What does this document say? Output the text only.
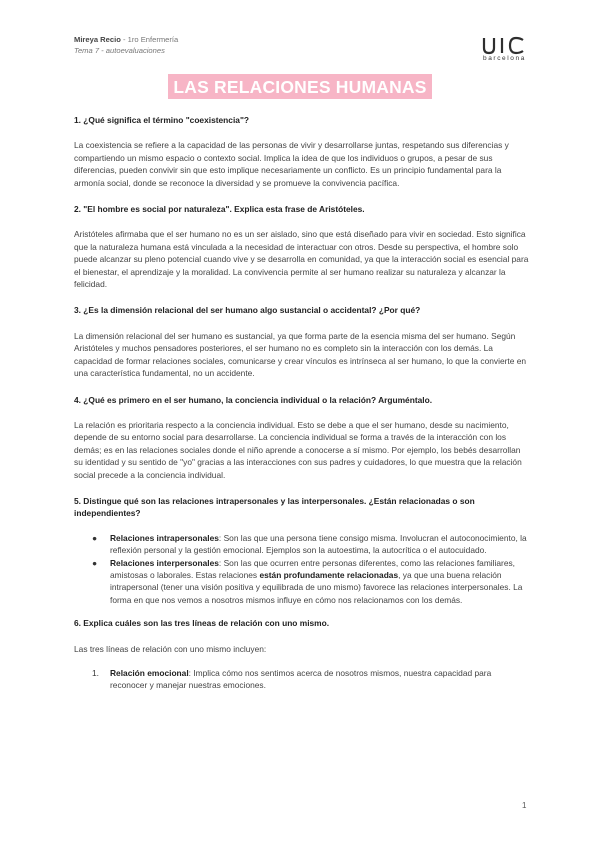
Mireya Recio - 1ro Enfermería
Tema 7 - autoevaluaciones
barcelona
LAS RELACIONES HUMANAS
1. ¿Qué significa el término "coexistencia"?
La coexistencia se refiere a la capacidad de las personas de vivir y desarrollarse juntas, respetando sus diferencias y compartiendo un mismo espacio o contexto social. Implica la idea de que los individuos o grupos, a pesar de sus diferencias, pueden convivir sin que esto implique necesariamente un conflicto. Es un principio fundamental para la armonía social, donde se reconoce la diversidad y se promueve la convivencia pacífica.
2. "El hombre es social por naturaleza". Explica esta frase de Aristóteles.
Aristóteles afirmaba que el ser humano no es un ser aislado, sino que está diseñado para vivir en sociedad. Esto significa que la naturaleza humana está vinculada a la necesidad de interactuar con otros. Desde su perspectiva, el hombre solo puede alcanzar su pleno potencial cuando vive y se desarrolla en comunidad, ya que la interacción social es esencial para el bienestar, el aprendizaje y la moralidad. La convivencia permite al ser humano realizar su naturaleza y alcanzar la felicidad.
3. ¿Es la dimensión relacional del ser humano algo sustancial o accidental? ¿Por qué?
La dimensión relacional del ser humano es sustancial, ya que forma parte de la esencia misma del ser humano. Según Aristóteles y muchos pensadores posteriores, el ser humano no es completo sin la interacción con los demás. La capacidad de formar relaciones sociales, comunicarse y crear vínculos es intrínseca al ser humano, lo que la convierte en una característica fundamental, no un accidente.
4. ¿Qué es primero en el ser humano, la conciencia individual o la relación? Arguméntalo.
La relación es prioritaria respecto a la conciencia individual. Esto se debe a que el ser humano, desde su nacimiento, depende de su entorno social para desarrollarse. La conciencia individual se forma a través de la interacción con los demás; es en las relaciones sociales donde el niño aprende a conocerse a sí mismo. Por ejemplo, los bebés desarrollan su identidad y su sentido de "yo" gracias a las interacciones con sus padres y cuidadores, lo que muestra que la relación social precede a la conciencia individual.
5. Distingue qué son las relaciones intrapersonales y las interpersonales. ¿Están relacionadas o son independientes?
● Relaciones intrapersonales: Son las que una persona tiene consigo misma. Involucran el autoconocimiento, la reflexión personal y la gestión emocional. Ejemplos son la autoestima, la autocrítica o el autocuidado.
● Relaciones interpersonales: Son las que ocurren entre personas diferentes, como las relaciones familiares, amistosas o laborales. Estas relaciones están profundamente relacionadas, ya que una buena relación intrapersonal (tener una visión positiva y equilibrada de uno mismo) favorece las relaciones interpersonales. La forma en que nos vemos a nosotros mismos influye en cómo nos relacionamos con los demás.
6. Explica cuáles son las tres líneas de relación con uno mismo.
Las tres líneas de relación con uno mismo incluyen:
1. Relación emocional: Implica cómo nos sentimos acerca de nosotros mismos, nuestra capacidad para reconocer y manejar nuestras emociones.
1
